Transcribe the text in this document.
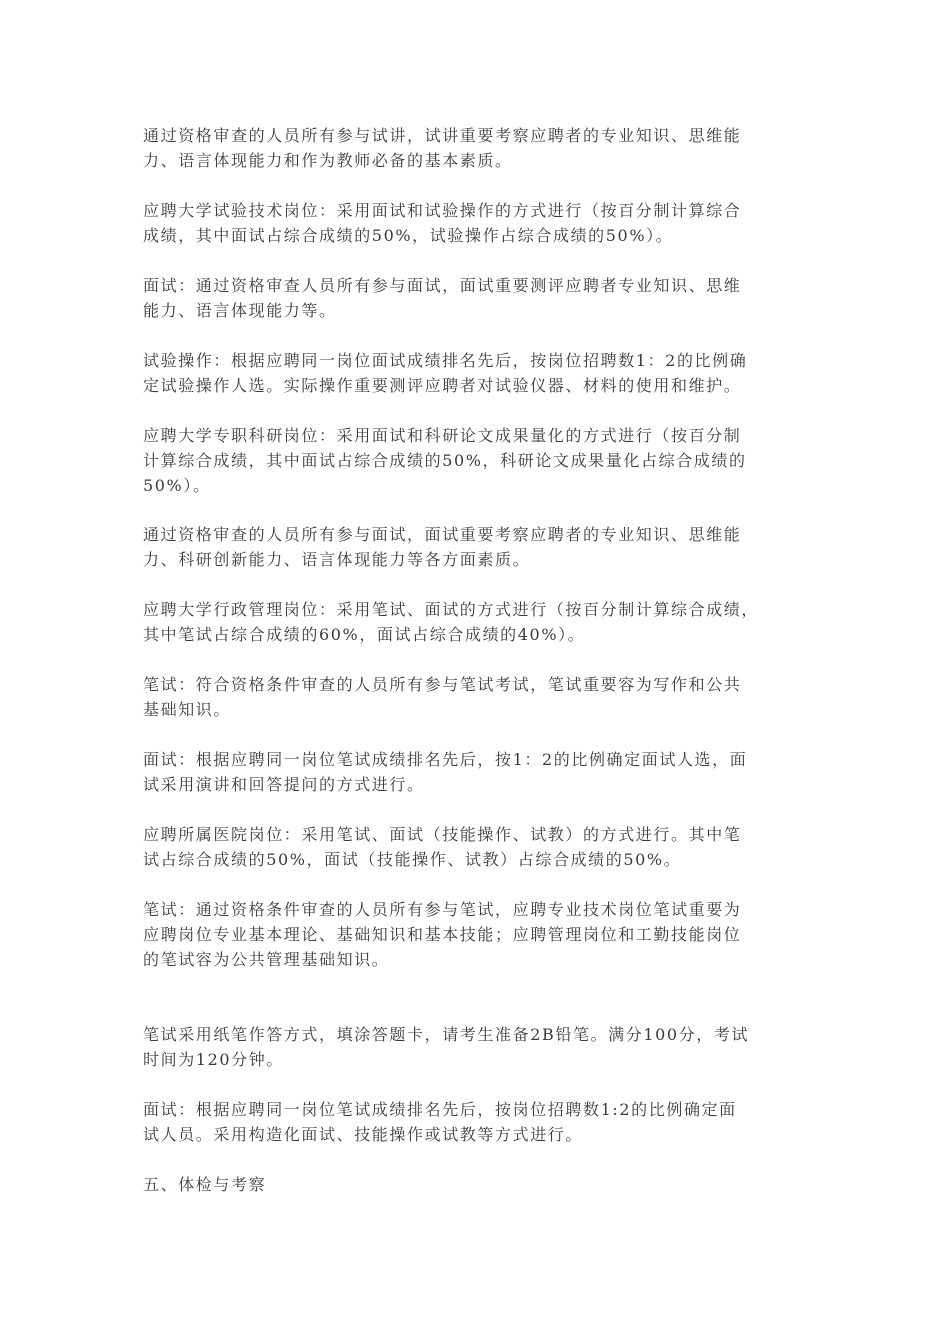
通过资格审查的人员所有参与试讲，试讲重要考察应聘者的专业知识、思维能
力、语言体现能力和作为教师必备的基本素质。

应聘大学试验技术岗位：采用面试和试验操作的方式进行（按百分制计算综合
成绩，其中面试占综合成绩的50%，试验操作占综合成绩的50%）。

面试：通过资格审查人员所有参与面试，面试重要测评应聘者专业知识、思维
能力、语言体现能力等。

试验操作：根据应聘同一岗位面试成绩排名先后，按岗位招聘数1：2的比例确
定试验操作人选。实际操作重要测评应聘者对试验仪器、材料的使用和维护。

应聘大学专职科研岗位：采用面试和科研论文成果量化的方式进行（按百分制
计算综合成绩，其中面试占综合成绩的50%，科研论文成果量化占综合成绩的
50%）。

通过资格审查的人员所有参与面试，面试重要考察应聘者的专业知识、思维能
力、科研创新能力、语言体现能力等各方面素质。

应聘大学行政管理岗位：采用笔试、面试的方式进行（按百分制计算综合成绩，
其中笔试占综合成绩的60%，面试占综合成绩的40%）。

笔试：符合资格条件审查的人员所有参与笔试考试，笔试重要容为写作和公共
基础知识。

面试：根据应聘同一岗位笔试成绩排名先后，按1：2的比例确定面试人选，面
试采用演讲和回答提问的方式进行。

应聘所属医院岗位：采用笔试、面试（技能操作、试教）的方式进行。其中笔
试占综合成绩的50%，面试（技能操作、试教）占综合成绩的50%。

笔试：通过资格条件审查的人员所有参与笔试，应聘专业技术岗位笔试重要为
应聘岗位专业基本理论、基础知识和基本技能；应聘管理岗位和工勤技能岗位
的笔试容为公共管理基础知识。

笔试采用纸笔作答方式，填涂答题卡，请考生准备2B铅笔。满分100分，考试
时间为120分钟。

面试：根据应聘同一岗位笔试成绩排名先后，按岗位招聘数1:2的比例确定面
试人员。采用构造化面试、技能操作或试教等方式进行。

五、体检与考察
